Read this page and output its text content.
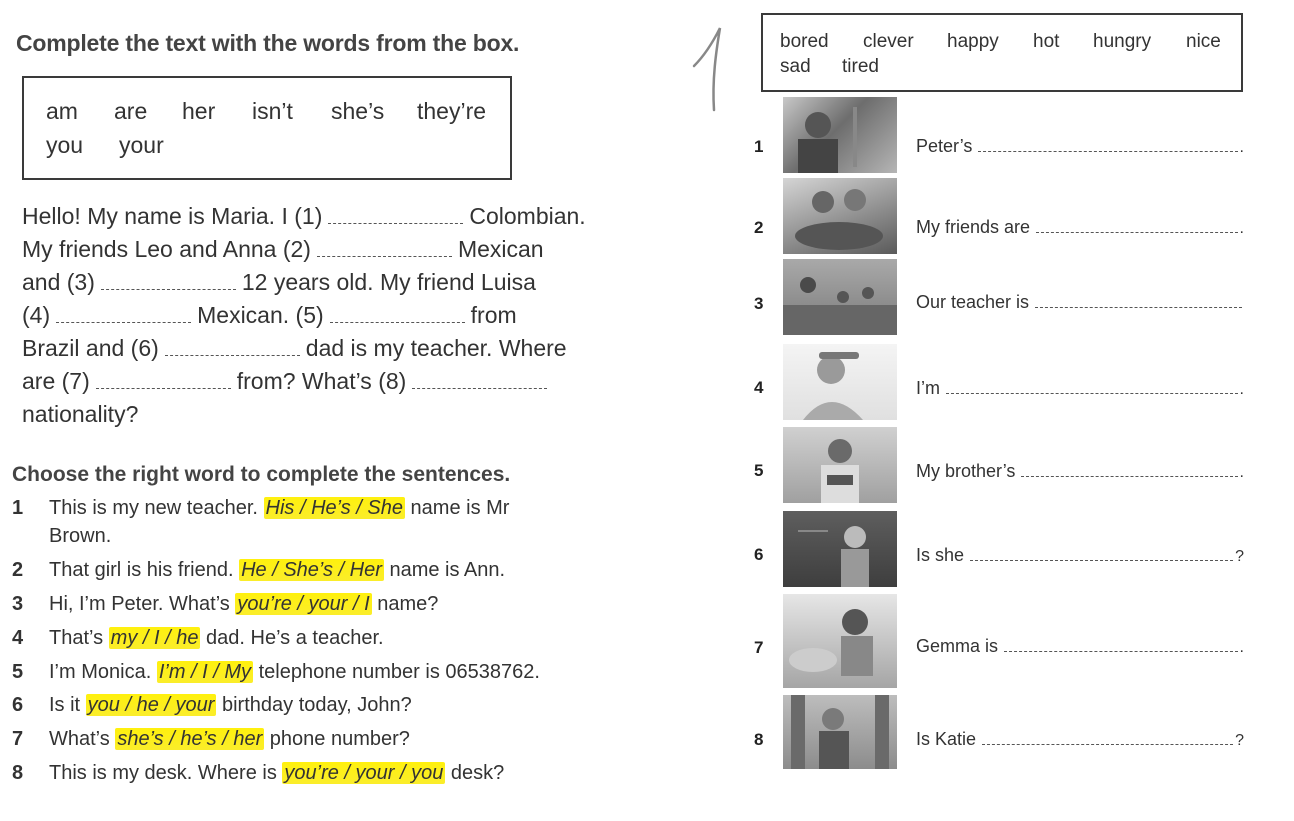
Complete the text with the words from the box.
am are her isn’t she’s they’re
you your
Hello! My name is Maria. I (1)	Colombian.
My friends Leo and Anna (2)	Mexican
and (3)	12 years old. My friend Luisa
(4)	Mexican. (5)	from
Brazil and (6)	dad is my teacher. Where
are (7)	from? What’s (8)
nationality?
Choose the right word to complete the sentences.
1 This is my new teacher. His / He’s / She name is Mr
Brown.
2 That girl is his friend. He / She’s / Her name is Ann.
3 Hi, I’m Peter. What’s you’re / your / I name?
4 That’s my / I / he dad. He’s a teacher.
5 I’m Monica. I’m / I / My telephone number is 06538762.
6 Is it you / he / your birthday today, John?
7 What’s she’s / he’s / her phone number?
8 This is my desk. Where is you’re / your / you desk?
bored clever happy hot hungry nice
sad tired
1	Peter’s	.
2	My friends are	.
3	Our teacher is
4	I’m	.
5	My brother’s	.
6	Is she	?
7	Gemma is	.
8	Is Katie	?
